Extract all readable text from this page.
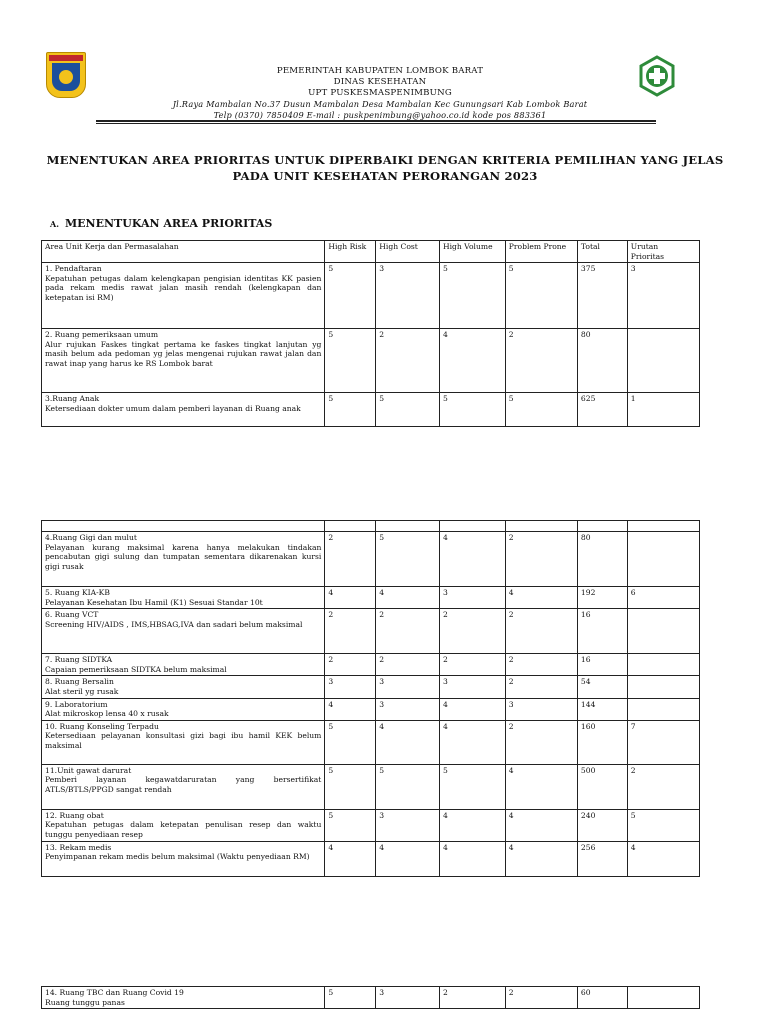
PEMERINTAH KABUPATEN LOMBOK BARAT
DINAS KESEHATAN
UPT PUSKESMASPENIMBUNG
Jl.Raya Mambalan No.37 Dusun Mambalan Desa Mambalan Kec Gunungsari Kab Lombok Barat
Telp (0370) 7850409 E-mail : puskpenimbung@yahoo.co.id kode pos 883361
MENENTUKAN AREA PRIORITAS UNTUK DIPERBAIKI DENGAN KRITERIA PEMILIHAN YANG JELAS
PADA UNIT KESEHATAN PERORANGAN 2023
A. MENENTUKAN AREA PRIORITAS
Area Unit Kerja dan Permasalahan	High Risk	High Cost	High Volume	Problem Prone	Total	Urutan
Prioritas

1. Pendaftaran
Kepatuhan petugas dalam kelengkapan pengisian identitas KK pasien pada rekam medis rawat jalan masih rendah (kelengkapan dan ketepatan isi RM)	5	3	5	5	375	3

2. Ruang pemeriksaan umum
Alur rujukan Faskes tingkat pertama ke faskes tingkat lanjutan yg masih belum ada pedoman yg jelas mengenai rujukan rawat jalan dan rawat inap yang harus ke RS Lombok barat	5	2	4	2	80	

3.Ruang Anak
Ketersediaan dokter umum dalam pemberi layanan di Ruang anak	5	5	5	5	625	1

4.Ruang Gigi dan mulut
Pelayanan kurang maksimal karena hanya melakukan tindakan pencabutan gigi sulung dan tumpatan sementara dikarenakan kursi gigi rusak	2	5	4	2	80	

5. Ruang KIA-KB
Pelayanan Kesehatan Ibu Hamil (K1) Sesuai Standar 10t	4	4	3	4	192	6

6. Ruang VCT
Screening HIV/AIDS , IMS,HBSAG,IVA dan sadari belum maksimal	2	2	2	2	16	

7. Ruang SIDTKA
Capaian pemeriksaan SIDTKA belum maksimal	2	2	2	2	16	

8. Ruang Bersalin
Alat steril yg rusak	3	3	3	2	54	

9. Laboratorium
Alat mikroskop lensa 40 x rusak	4	3	4	3	144	

10. Ruang Konseling Terpadu
Ketersediaan pelayanan konsultasi gizi bagi ibu hamil KEK belum maksimal	5	4	4	2	160	7

11.Unit gawat darurat
Pemberi layanan kegawatdaruratan yang bersertifikat ATLS/BTLS/PPGD sangat rendah	5	5	5	4	500	2

12. Ruang obat
Kepatuhan petugas dalam ketepatan penulisan resep dan waktu tunggu penyediaan resep	5	3	4	4	240	5

13. Rekam medis
Penyimpanan rekam medis belum maksimal (Waktu penyediaan RM)	4	4	4	4	256	4
14. Ruang TBC dan Ruang Covid 19
Ruang tunggu panas
	5	3	2	2	60	
